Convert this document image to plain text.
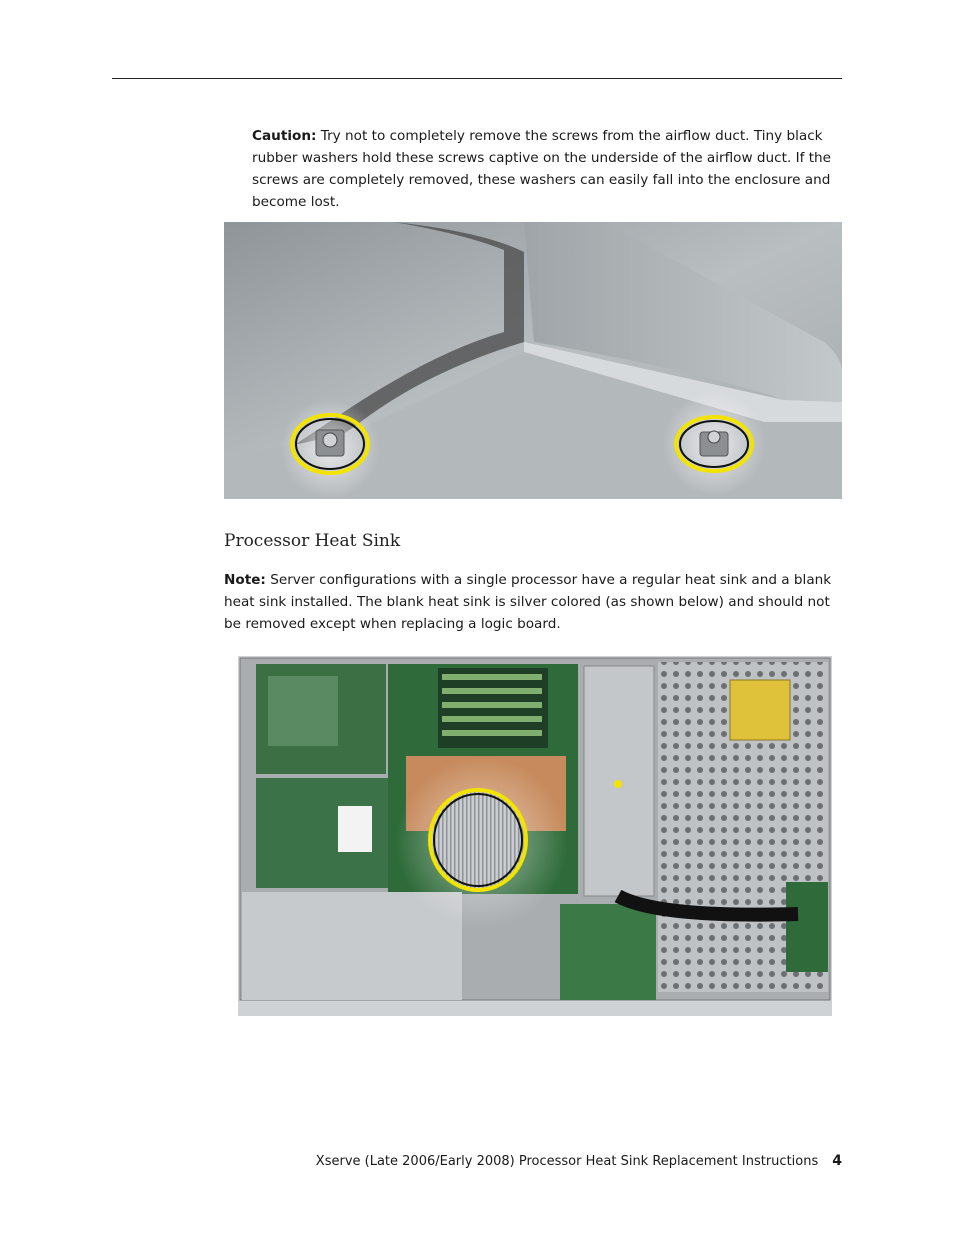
Caution: Try not to completely remove the screws from the airflow duct. Tiny black rubber washers hold these screws captive on the underside of the airflow duct. If the screws are completely removed, these washers can easily fall into the enclosure and become lost.

Processor Heat Sink

Note: Server configurations with a single processor have a regular heat sink and a blank heat sink installed. The blank heat sink is silver colored (as shown below) and should not be removed except when replacing a logic board.

Xserve (Late 2006/Early 2008) Processor Heat Sink Replacement Instructions 4
